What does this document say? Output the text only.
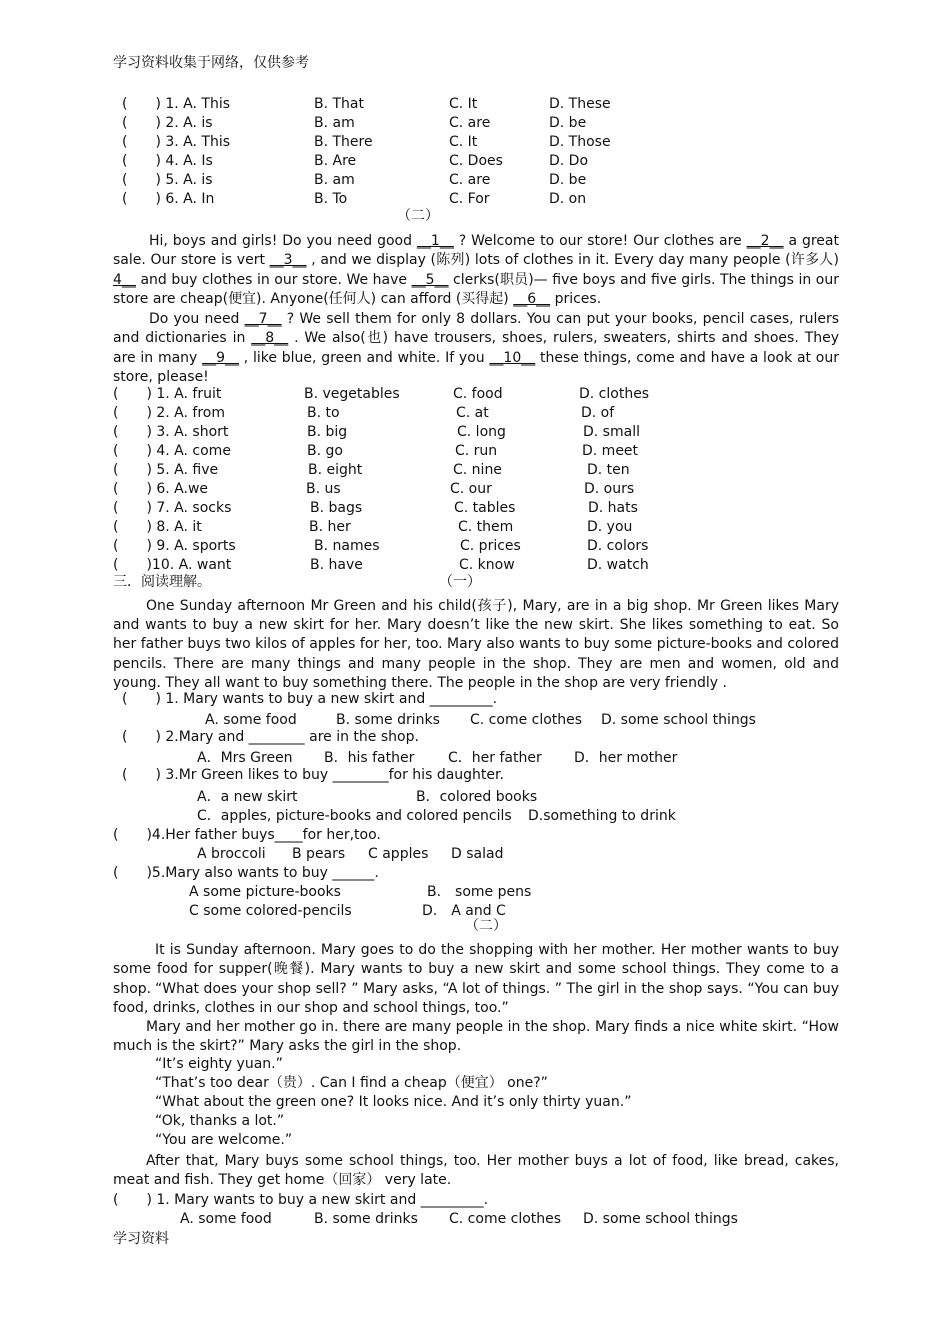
学习资料收集于网络，仅供参考
(　　) 1. A. This	B. That	C. It	D. These
(　　) 2. A. is	B. am	C. are	D. be
(　　) 3. A. This	B. There	C. It	D. Those
(　　) 4. A. Is	B. Are	C. Does	D. Do
(　　) 5. A. is	B. am	C. are	D. be
(　　) 6. A. In	B. To	C. For	D. on
（二）
Hi, boys and girls! Do you need good __1__ ? Welcome to our store! Our clothes are __2__ a great sale. Our store is vert __3__ , and we display (陈列) lots of clothes in it. Every day many people (许多人) 4__ and buy clothes in our store. We have __5__ clerks(职员)— five boys and five girls. The things in our store are cheap(便宜). Anyone(任何人) can afford (买得起) __6__ prices.
Do you need __7__ ? We sell them for only 8 dollars. You can put your books, pencil cases, rulers and dictionaries in __8__ . We also(也) have trousers, shoes, rulers, sweaters, shirts and shoes. They are in many __9__ , like blue, green and white. If you __10__ these things, come and have a look at our store, please!
(　　) 1. A. fruit	B. vegetables	C. food	D. clothes
(　　) 2. A. from	B. to	C. at	D. of
(　　) 3. A. short	B. big	C. long	D. small
(　　) 4. A. come	B. go	C. run	D. meet
(　　) 5. A. five	B. eight	C. nine	D. ten
(　　) 6. A.we	B. us	C. our	D. ours
(　　) 7. A. socks	B. bags	C. tables	D. hats
(　　) 8. A. it	B. her	C. them	D. you
(　　) 9. A. sports	B. names	C. prices	D. colors
(　　)10. A. want	B. have	C. know	D. watch
三．阅读理解。	（一）
One Sunday afternoon Mr Green and his child(孩子), Mary, are in a big shop. Mr Green likes Mary and wants to buy a new skirt for her. Mary doesn’t like the new skirt. She likes something to eat. So her father buys two kilos of apples for her, too. Mary also wants to buy some picture-books and colored pencils. There are many things and many people in the shop. They are men and women, old and young. They all want to buy something there. The people in the shop are very friendly .
(　　) 1. Mary wants to buy a new skirt and _________.
A. some food	B. some drinks C. come clothes D. some school things
(　　) 2.Mary and ________ are in the shop.
A．Mrs Green B．his father C．her father D．her mother
(　　) 3.Mr Green likes to buy ________for his daughter.
A．a new skirt	B．colored books
C．apples, picture-books and colored pencils D.something to drink
(　　)4.Her father buys____for her,too.
A broccoli B pears C apples D salad
(　　)5.Mary also wants to buy ______.
A some picture-books	B.　some pens
C some colored-pencils	D.　A and C
（二）
It is Sunday afternoon. Mary goes to do the shopping with her mother. Her mother wants to buy some food for supper(晚餐). Mary wants to buy a new skirt and some school things. They come to a shop. “What does your shop sell? ” Mary asks, “A lot of things. ” The girl in the shop says. “You can buy food, drinks, clothes in our shop and school things, too.”
Mary and her mother go in. there are many people in the shop. Mary finds a nice white skirt. “How much is the skirt?” Mary asks the girl in the shop.
“It’s eighty yuan.”
“That’s too dear（贵）. Can I find a cheap（便宜） one?”
“What about the green one? It looks nice. And it’s only thirty yuan.”
“Ok, thanks a lot.”
“You are welcome.”
After that, Mary buys some school things, too. Her mother buys a lot of food, like bread, cakes, meat and fish. They get home（回家） very late.
(　　) 1. Mary wants to buy a new skirt and _________.
A. some food	B. some drinks C. come clothes D. some school things
学习资料
